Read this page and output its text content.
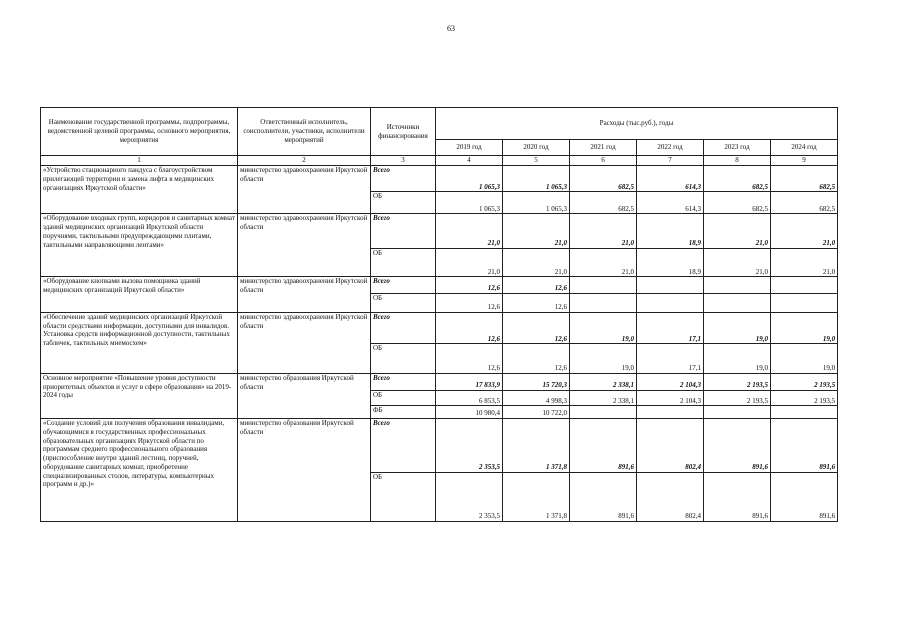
63
Наименование государственной программы, подпрограммы, ведомственной целевой программы, основного мероприятия, мероприятия	Ответственный исполнитель, соисполнители, участники, исполнители мероприятий	Источники финансирования	Расходы (тыс.руб.), годы					
			2019 год	2020 год	2021 год	2022 год	2023 год	2024 год
1	2	3	4	5	6	7	8	9
«Устройство стационарного пандуса с благоустройством прилегающей территории и замена лифта в медицинских организациях Иркутской области»	министерство здравоохранения Иркутской области	Всего	1 065,3	1 065,3	682,5	614,3	682,5	682,5
		ОБ	1 065,3	1 065,3	682,5	614,3	682,5	682,5
«Оборудование входных групп, коридоров и санитарных комнат зданий медицинских организаций Иркутской области поручнями, тактильными предупреждающими плитами, тактильными направляющими лентами»	министерство здравоохранения Иркутской области	Всего	21,0	21,0	21,0	18,9	21,0	21,0
		ОБ	21,0	21,0	21,0	18,9	21,0	21,0
«Оборудование кнопками вызова помощника зданий медицинских организаций Иркутской области»	министерство здравоохранения Иркутской области	Всего	12,6	12,6				
		ОБ	12,6	12,6				
«Обеспечение зданий медицинских организаций Иркутской области средствами информации, доступными для инвалидов. Установка средств информационной доступности, тактильных табличек, тактильных мнемосхем»	министерство здравоохранения Иркутской области	Всего	12,6	12,6	19,0	17,1	19,0	19,0
		ОБ	12,6	12,6	19,0	17,1	19,0	19,0
Основное мероприятие «Повышение уровня доступности приоритетных объектов и услуг в сфере образования» на 2019-2024 годы	министерство образования Иркутской области	Всего	17 833,9	15 720,3	2 338,1	2 104,3	2 193,5	2 193,5
		ОБ	6 853,5	4 998,3	2 338,1	2 104,3	2 193,5	2 193,5
		ФБ	10 980,4	10 722,0				
«Создание условий для получения образования инвалидами, обучающимися в государственных профессиональных образовательных организациях Иркутской области по программам среднего профессионального образования (приспособление внутри зданий лестниц, поручней, оборудование санитарных комнат, приобретение специализированных столов, литературы, компьютерных программ и др.)»	министерство образования Иркутской области	Всего	2 353,5	1 371,8	891,6	802,4	891,6	891,6
		ОБ	2 353,5	1 371,8	891,6	802,4	891,6	891,6
